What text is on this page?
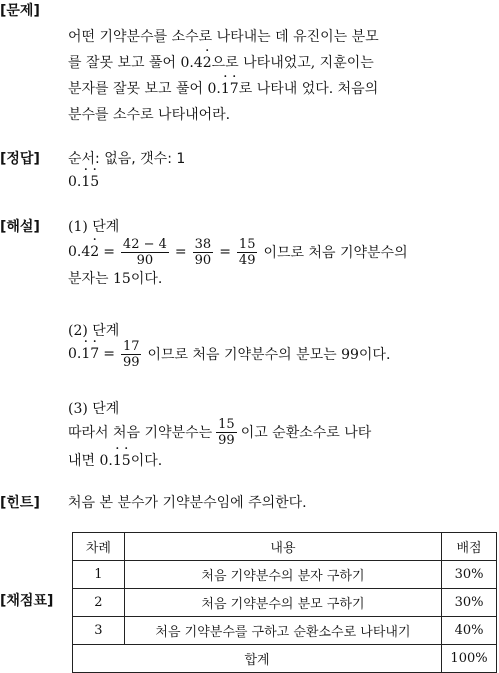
[문제]
어떤 기약분수를 소수로 나타내는 데 유진이는 분모
를 잘못 보고 풀어 0.4· 2으로 나타내었고, 지훈이는
분자를 잘못 보고 풀어 0.· 1· 7로 나타내 었다. 처음의
분수를 소수로 나타내어라.
[정답] 순서: 없음, 갯수: 1
0.· 1· 5
[해설] (1) 단계
$0.4 \cdot 2 = \frac{42 - 4}{90} = \frac{38}{90} = \frac{15}{49}$ 이므로 처음 기약분수의
분자는 15이다.
(2) 단계
0. · $1 \cdot 7 = \frac{17}{99}$ 이므로 처음 기약분수의 분모는 99이다.
(3) 단계
따라서 처음 기약분수는 $\frac{15}{99}$ 이고 순환소수로 나타
내면 0.· 1· 5이다.
[힌트] 처음 본 분수가 기약분수임에 주의한다.
[채점표]
차례	내용	배점
1	처음 기약분수의 분자 구하기	30%
2	처음 기약분수의 분모 구하기	30%
3	처음 기약분수를 구하고 순환소수로 나타내기	40%
합계		100%
